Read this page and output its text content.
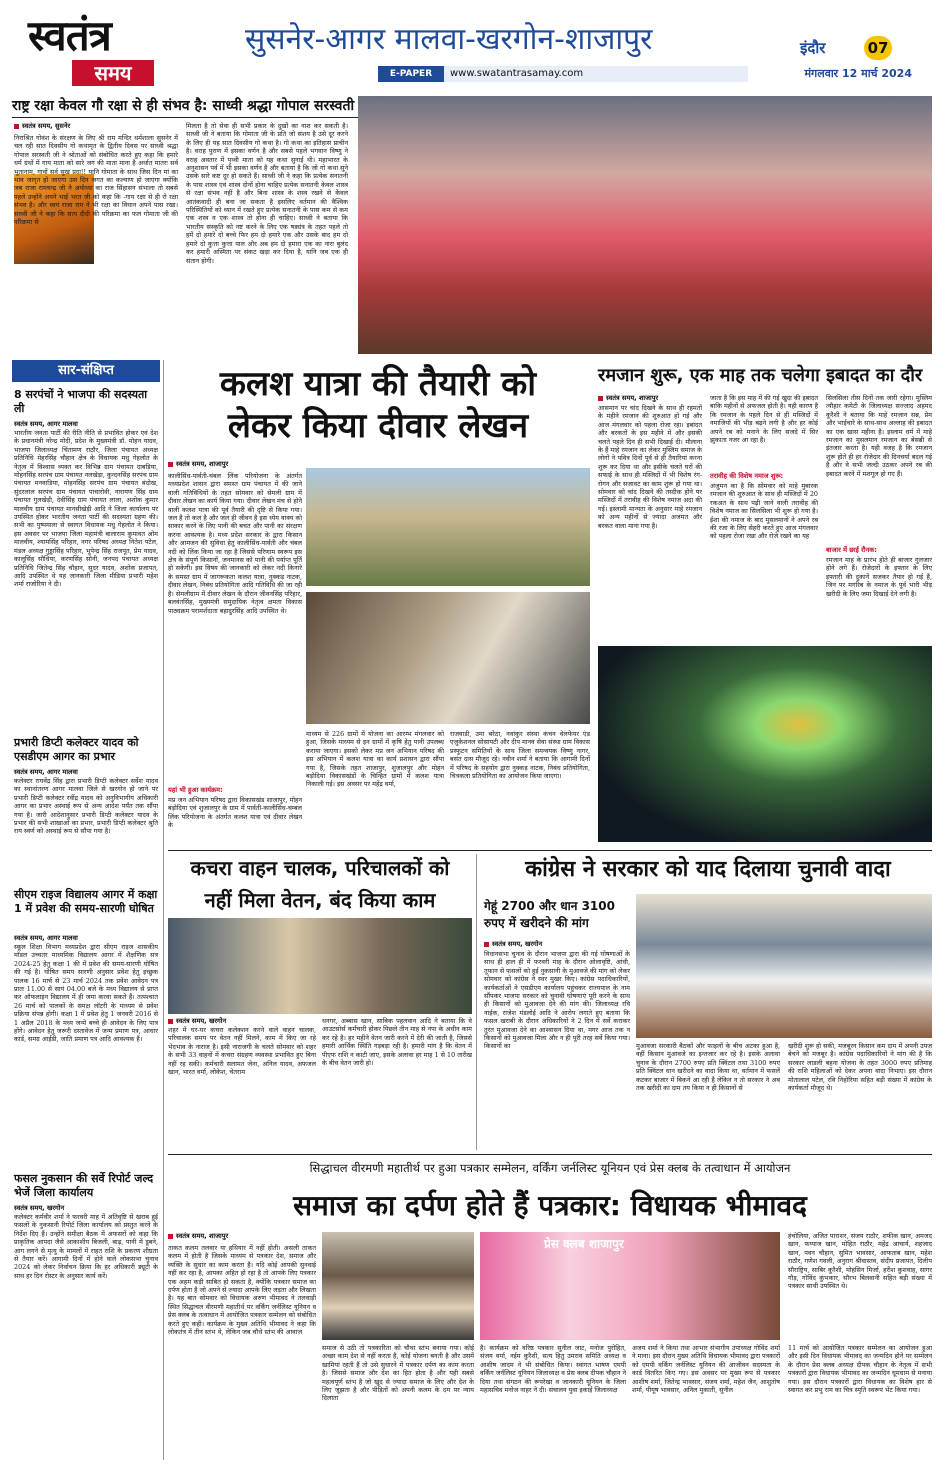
स्वतंत्र
समय
सुसनेर-आगर मालवा-खरगोन-शाजापुर
E-PAPER	www.swatantrasamay.com
इंदौर	07
मंगलवार 12 मार्च 2024
राष्ट्र रक्षा केवल गौ रक्षा से ही संभव है: साध्वी श्रद्धा गोपाल सरस्वती
स्वतंत्र समय, सुसनेर
निराश्रित गोवंश के संरक्षण के लिए श्री राम मन्दिर धर्मशाला सुसनेर में चल रही सात दिवसीय गो कथामृत के द्वितीय दिवस पर साध्वी श्रद्धा गोपाल सरस्वती जी ने श्रोताओं को संबोधित करते हुए कहा कि हमारे धर्म ग्रंथों में गाय माता को सारे जग की माता माना है अर्थात मातरः सर्व भूतानाम, गावों सर्व सुख प्रदा!! यानि गोमाता के साथ जिस दिन मां का भाव जागृत हो जाएगा उस दिन जगत का कल्याण हो जाएगा क्योंकि जब राजा रामचन्द्र जी ने अयोध्या का राज सिंहासन संभाला तो सबसे पहले उन्होंने अपने भाई भरत जी को कहा कि -गाय रक्षा से ही रो रक्षा संभव है। और स्वयं राजा राम ने भी रक्षा का विधान अपने पास रखा। साध्वी जी ने कहा कि सत्य दीदी की परिक्रमा का फल गोमाता जी की परिक्रमा से
मिलता है तो सेवा ही सभी प्रकार के दुखों का नाश कर सकती है। साध्वी जी ने बताया कि गोमाता जी के प्रति जो संशय है उसे दूर करने के लिए ही यह सात दिवसीय गो कथा है। गो कथा का इतिहास प्राचीन है। वराह पुराण में इसका वर्णन है और सबसे पहले भगवान विष्णु ने वराह अवतार में पृथ्वी माता को यह कथा सुनाई थी। महाभारत के अनुशासन पर्व में भी इसका वर्णन है और बताया है कि जो गो कथा सुने उसके सारे कष्ट दूर हो सकते हैं। साध्वी जी ने कहा कि प्रत्येक सनातनी के पास शास्त्र एवं शास्त्र दोनों होना चाहिए प्रत्येक सनातनी केवल शास्त्र से रक्षा संभव नहीं है और बिना शास्त्र के शस्त्र रखने से केवल आतंकवादी ही बना जा सकता है इसलिए वर्तमान की वैश्विक परिस्थितियों को ध्यान में रखते हुए प्रत्येक सनातनी के पास कम से कम एक शस्त्र व एक शास्त्र तो होना ही चाहिए। साध्वी ने बताया कि भारतीय संस्कृति को नष्ट करने के लिए एक षड्यंत्र के तहत पहले तो हमें दो हमारे दो बच्चे फिर हम दो हमारे एक और उसके बाद हम दो हमारे दो कुत्ता कुत्ता पाल ओर अब हम दो हमारा एक का नारा बुलंद कर हमारी अस्मिता पर संकट खड़ा कर दिया है, यानि जब एक ही संतान होगी।
सार-संक्षिप्त
8 सरपंचों ने भाजपा की सदस्यता ली
स्वतंत्र समय, आगर मालवा
भारतीय जनता पार्टी की रीति नीति से प्रभावित होकर एवं देश के प्रधानमंत्री नरेन्द्र मोदी, प्रदेश के मुख्यमंत्री डॉ. मोहन यादव, भाजपा जिलाध्यक्ष चिंतामण राठौर, जिला पंचायत अध्यक्ष प्रतिनिधि मेहरसिंह चौहान क्षेत्र के विधायक मधु गेहलोत के नेतृत्व में विश्वास व्यक्त कर विभिन्न ग्राम पंचायत दाबड़िया, मोहनसिंह सरपंच ग्राम पंचायत नलखेड़ा, कुन्दनसिंह सरपंच ग्राम पंचायत मनवाडिया, मोहनसिंह सरपंच ग्राम पंचायत बंदोख, सुंदरलाल सरपंच ग्राम पंचायत पाचारोवी, नारायण सिंह ग्राम पंचायत गुलखेड़ी, देवीसिंह ग्राम पंचायत लाला, अशोक कुमार मालवीय ग्राम पंचायत मानसीखेड़ी आदि ने जिला कार्यालय पर उपस्थित होकर भारतीय जनता पार्टी की सदस्यता ग्रहण की। सभी का पुष्पमाला से स्वागत विधायक मधु गेहलोत ने किया। इस अवसर पर भाजपा जिला महामंत्री बालाराम कुमावत ओम मालवीय, श्यामसिंह परिहार, नगर परिषद अध्यक्ष नितेश पटेल, मंडल अध्यक्ष गुड्डासिंह परिहार, भूपेन्द्र सिंह राजपूत, प्रेम यादव, कालूसिंह सौधिया, करणसिंह सोनी, जनपद पंचायत अध्यक्ष प्रतिनिधि जितेन्द्र सिंह चौहान, सुदर यादव, अशोक प्रजापत, आदि उपस्थित थे यह जानकारी जिला मीडिया प्रभारी महेश शर्मा राजोरिया ने दी।
प्रभारी डिप्टी कलेक्टर यादव को एसडीएम आगर का प्रभार
स्वतंत्र समय, आगर मालवा
कलेक्टर राघवेंद्र सिंह द्वारा प्रभारी डिप्टी कलेक्टर सर्वेश यादव का स्थानांतरण आगर मालवा जिले से खरगोन हो जाने पर प्रभारी डिप्टी कलेक्टर रवींद्र यादव को अनुविभागीय अधिकारी आगर का प्रभार अस्थाई रूप से अन्य आदेश पर्यंत तक सौंपा गया है। जारी आदेशानुसार प्रभारी डिप्टी कलेक्टर यादव के प्रभार की सभी शाखाओं का प्रभार, प्रभारी डिप्टी कलेक्टर श्रुति राय स्वर्ण को अस्थाई रूप से सौंपा गया है।
सीएम राइज विद्यालय आगर में कक्षा 1 में प्रवेश की समय-सारणी घोषित
स्वतंत्र समय, आगर मालवा
स्कूल शिक्षा विभाग मध्यप्रदेश द्वारा सीएम राइज शासकीय मॉडल उच्चतर माध्यमिक विद्यालय आगर में शैक्षणिक सत्र 2024-25 हेतु कक्षा 1 की में प्रवेश की समय-सारणी घोषित की गई है। घोषित समय सारणी अनुसार प्रवेश हेतु इच्छुक पालक 16 मार्च से 23 मार्च 2024 तक प्रवेश आवेदन पत्र प्रातः 11.00 से सायं 04.00 बजे के मध्य विद्यालय से प्राप्त कर ऑफलाइन विद्यालय में ही जमा करवा सकते हैं। तत्पश्चात 26 मार्च को पालकों के समक्ष लॉटरी के माध्यम से प्रवेश प्रक्रिया संपन्न होगी। कक्षा 1 में प्रवेश हेतु 1 जनवरी 2016 से 1 अप्रैल 2018 के मध्य जन्मे बच्चे ही आवेदन के लिए पात्र होंगे। आवेदन हेतु जरूरी दस्तावेज में जन्म प्रमाण पत्र, आधार कार्ड, समग्र आईडी, जाति प्रमाण पत्र आदि आवश्यक हैं।
फसल नुकसान की सर्वे रिपोर्ट जल्द भेजें जिला कार्यालय
स्वतंत्र समय, खरगोन
कलेक्टर कर्मवीर शर्मा ने फरवरी माह में अतिवृष्टि से खराब हुई फसलों के नुकसानी रिपोर्ट जिला कार्यालय को प्रस्तुत करने के निर्देश दिए हैं। उन्होंने समीक्षा बैठक में अफसरों को कहा कि प्राकृतिक आपदा जैसे आकाशीय बिजली, बाढ़, पानी में डूबने, आग लगने से मृत्यु के मामलों में राहत राशि के प्रकरण शीघ्रता से तैयार करें। आगामी दिनों में होने वाले लोकसभा चुनाव 2024 को लेकर निर्वाचन क्रिया कि हर अधिकारी ड्यूटी के साथ हर दिन रोस्टर के अनुसार कार्य करें।
कलश यात्रा की तैयारी को
लेकर किया दीवार लेखन
स्वतंत्र समय, शाजापुर
कालीसिंध-पार्वती-चंबल लिंक परियोजना के अंतर्गत मध्यप्रदेश शासन द्वारा समस्त ग्राम पंचायत में की जाने वाली गतिविधियों के तहत सोमवार को सेमली ग्राम में दीवार लेखन का कार्य किया गया। दीवार लेखन मंच से होने वाली कलश यात्रा की पूर्व तैयारी की दृष्टि से किया गया। जल है तो कल है और जल ही जीवन है इस ध्येय वाक्य को साकार करने के लिए पानी की बचत और पानी का संरक्षण करना आवश्यक है। मध्य प्रदेश सरकार के द्वारा किसान और आमजन की सुविधा हेतु कालीसिंध-पार्वती और चंबल नदी को लिंक किया जा रहा है जिससे परिणाम स्वरूप इस क्षेत्र के संपूर्ण किसानों, जनमानस को पानी की पर्याप्त पूर्ति हो सकेगी। इस विषय की जानकारी को लेकर नदी किनारे के समस्त ग्राम में जागरूकता कलश यात्रा, नुक्कड़ नाटक, दीवार लेखन, निबंध प्रतियोगिता आदि गतिविधि की जा रही है। सेमलीग्राम में दीवार लेखन के दौरान जीवनसिंह परिहार, बलवंतसिंह, मुख्यमंत्री समुदायिक नेतृत्व क्षमता विकास पाठ्यक्रम परामर्शदाता बहादुरसिंह आदि उपस्थित थे।
यहां भी हुआ कार्यक्रम:
मप्र जन अभियान परिषद द्वारा विकासखंड शाजापुर, मोहन बड़ोदिया एवं शुजालपुर के ग्राम में पार्वती-कालीसिंध-चम्बल लिंक परियोजना के अंतर्गत कलश यात्रा एवं दीवार लेखन के
माध्यम से 226 ग्रामों में योजना का आरम्भ मंगलवार को हुआ, जिसके माध्यम से इन ग्रामों में कृषि हेतु पानी उपलब्ध कराया जाएगा। इसको लेकर मप्र जन अभियान परिषद की इस अभियान में कलश यात्रा का कार्य प्रशासन द्वारा सौंपा गया है, जिसके तहत शाजापुर, शुजालपुर और मोहन बड़ोदिया विकासखंडों के चिन्हित ग्रामों में कलश यात्रा निकाली गई। इस अवसर पर महेंद्र वर्मा,
राजवाडी, उमा बरेठा, नवांकुर संस्था कंचन वेलफेयर एंड एजुकेशनल सोसायटी और दीप मानव सेवा संस्था ग्राम विकास प्रस्फुटन समितियों के साथ जिला समन्वयक विष्णु नागर, बसंत दास मौजूद रहे। नवीन शर्मा ने बताया कि आगामी दिनों में परिषद के सहयोग द्वारा नुक्कड़ नाटक, निबंध प्रतियोगिता, चित्रकला प्रतियोगिता का आयोजन किया जाएगा।
रमजान शुरू, एक माह तक चलेगा इबादत का दौर
स्वतंत्र समय, शाजापुर
आसमान पर चांद दिखने के साथ ही रहमतों के महीने रमजान की शुरुआत हो गई और आज मंगलवार को पहला रोजा रहा। इबादत और बरकतों के इस महीने में और इसकी चलते पहले दिन ही सभी दिखाई दी। मौलाना के हैं माहे रमजान का लेकर मुस्लिम समाज के लोगों ने पवित्र दिनों पूर्व से ही तैयारियां करना शुरू कर दिया था और इसीके चलते घरों की सफाई के साथ ही मस्जिदों में भी विशेष रंग-रोगन और सजावट का काम शुरू हो गया था। सोमवार को चांद दिखने की तस्दीक होने पर मस्जिदों में तरावीह की विशेष नमाज अदा की गई। इस्लामी मान्यता के अनुसार माहे रमजान को अन्य महीनों से ज्यादा अजमत और बरकत वाला माना गया है।
जाता है कि इस माह में की गई खुदा की इबादत बाकि महीनों से अफजल होती है। यही कारण है कि रमजान के पहले दिन से ही मस्जिदों में नमाजियों की भीड़ बढ़ने लगी है और हर कोई अपने रब को मनाने के लिए सजदे में सिर झुकाता नजर आ रहा है।
तरावीह की विशेष नमाज शुरू:
अंजुमन का है कि सोमवार को माहे मुबारक रमजान की शुरुआत के साथ ही मस्जिदों में 20 रकअत के साथ पढ़ी जाने वाली तरावीह की विशेष नमाज का सिलसिला भी शुरू हो गया है। ईशा की नमाज के बाद मुसलमानों ने अपने रब की रजा के लिए सेहरी करते हुए आज मंगलवार को पहला रोजा रखा और रोजे रखने का यह
सिलसिला तीस दिनों तक जारी रहेगा। मुस्लिम त्यौहार कमेटी के जिलाध्यक्ष सज्जाद अहमद कुरैशी ने बताया कि माहे रमजान सब्र, प्रेम और भाईचारे के साथ-साथ अल्लाह की इबादत का एक खास महीना है। इस्लाम धर्म में माहे रमजान का मुसलमान रमजान का बेसब्री से इंतजार करता है। यही वजह है कि रमजान शुरू होते ही हर रोजेदार की दिनचर्या बदल गई है और वे सभी जल्दी उठकर अपने रब की इबादत करने में मशगूल हो गए हैं।
बाजार में छाई रौनक:
रमजान माह के प्रारंभ होते ही बाजार गुलजार होने लगे हैं। रोजेदारों के इफ्तार के लिए इफ्तारी की दुकानें सजकर तैयार हो गई हैं, जिन पर मगरिब के नमाज के पूर्व भारी भीड़ खरीदी के लिए जमा दिखाई देने लगी है।
कचरा वाहन चालक, परिचालकों को
नहीं मिला वेतन, बंद किया काम
स्वतंत्र समय, खरगोन
शहर में घर-घर कचरा कलेक्शन करने वाले वाहन चालक, परिचालक समय पर वेतन नहीं मिलने, काम में किए जा रहे भेदभाव के नाराज है। इसी नाराजगी के चलते सोमवार को शहर के सभी 33 वाहनों में कचरा संग्रहण व्यवस्था प्रभावित हुए बिना नहीं रह सकी। कर्मचारी सलामत जेना, अनिल यादव, अफजल खान, भारत वर्मा, लोकेश, चेतराम
धनगर, अब्बास खान, साबिक पहलवान आदि ने बताया कि वे आउटसोर्स कर्मचारी होकर पिछले तीन माह से नपा के अधीन काम कर रहे है। हर महीने वेतन जारी करने में देरी की जाती है, जिससे हमारी आर्थिक स्थिति गड़बड़ा रही है। हमारी मांग है कि वेतन में पीएफ राशि न काटी जाए, इसके अलावा हर माह 1 से 10 तारीख के बीच वेतन जारी हो।
कांग्रेस ने सरकार को याद दिलाया चुनावी वादा
गेहूं 2700 और धान 3100 रुपए में खरीदने की मांग
स्वतंत्र समय, खरगोन
विधानसभा चुनाव के दौरान भाजपा द्वारा की गई घोषणाओं के साथ ही हाल ही में फरवरी माह के दौरान ओलावृष्टि, आंधी, तूफान से फसलों को हुई नुकसानी के मुआवजे की मांग को लेकर सोमवार को कांग्रेस ने स्थर मुखर किए। कांग्रेस पदाधिकारियों, कार्यकर्ताओं ने एसडीएम कार्यालय पहुंचकर राज्यपाल के नाम सौंपकर भाजपा सरकार को चुनावी घोषणाएं पूरी करने के साथ ही किसानों को मुआवजा देने की मांग की। जिलाध्यक्ष रवि नाईक, राजेश मंडलोई आदि ने आरोप लगाते हुए बताया कि फसल खराबी के दौरान अधिकारियों ने 2 दिन में सर्वे कराकर तुरंत मुआवजा देने का आश्वासन दिया था, मगर आज तक न किसानों को मुआवजा मिला और न ही पूरी तरह सर्वे किया गया। किसानों का	मुआवजा सरकारी बैठकों और फाइलों के बीच अटका हुआ है, वहीं किसान मुआवजे का इन्तजार कर रहे है। इसके अलावा चुनाव के दौरान 2700 रुपए प्रति क्विंटल तथा 3100 रुपए प्रति क्विंटल धान खरीदने का वादा किया था, वर्तमान में फसलें कटकर बाजार में बिकने आ रही है लेकिन न तो सरकार ने अब तक खरीदी का दाम तय किया न ही किसानों से
खरीदी शुरू हो सकी, मजबूरन किसान कम दाम में अपनी उपज बेचने को मजबूर है। कांग्रेस पदाधिकारियों ने मांग की है कि सरकार लाडली बहना योजना के तहत 3000 रुपए प्रतिमाह की राशि महिलाओं को देकर अपना वादा निभाए। इस दौरान मोतालाल पटेल, रवि निहोरिया सहित बड़ी संख्या में कांग्रेस के कार्यकर्ता मौजूद थे।
सिद्धाचल वीरमणी महातीर्थ पर हुआ पत्रकार सम्मेलन, वर्किंग जर्नलिस्ट यूनियन एवं प्रेस क्लब के तत्वाधान में आयोजन
समाज का दर्पण होते हैं पत्रकार: विधायक भीमावद
स्वतंत्र समय, शाजापुर
ताकत कलम तलवार या हथियार में नहीं होती। असली ताकत कलम में होती है जिसके माध्यम से पत्रकार देश, समाज और व्यक्ति के सुधार का काम करता है। यदि कोई आपकी सुनवाई नहीं कर रहा है, आपका अहित हो रहा है तो आपके लिए पत्रकार एक अहम कड़ी साबित हो सकता है, क्योंकि पत्रकार समाज का दर्पण होता है जो अपने से ज्यादा आपके लिए लड़ता और लिखता है। यह बात सोमवार को विधायक अरुण भीमावद ने तलवाड़ी स्थित सिद्धाचल वीरमणी महातीर्थ पर वर्किंग जर्नलिस्ट यूनियन व प्रेस क्लब के तत्वाधान में आयोजित पत्रकार सम्मेलन को संबोधित करते हुए कही। कार्यक्रम के मुख्य अतिथि भीमावद ने कहा कि लोकतंत्र में तीन स्तंभ थे, लेकिन जब चौथे स्तंभ की आवाज
प्रेस क्लब शाजापुर
समाज से उठी तो पत्रकारिता को चौथा स्तंभ बनाया गया। कोई अच्छा काम देश से नहीं करता है, कोई योजना बनती है और उसमें खामियां रहती हैं तो उसे सुधारने में पत्रकार दर्पण का काम करता है। जिससे समाज और देश का हित होता है और यही सबसे महत्वपूर्ण स्तंभ है जो खुद से ज्यादा समाज के लिए और देश के लिए जूझता है और पीड़ितों को अपनी कलम के दम पर न्याय दिलाता
है। कार्यक्रम को वरिष्ठ पत्रकार सुनील जाट, मनोज पुरोहित, संजय वर्मा, नईम कुरैशी, सत्य हितु उमराव समिति अध्यक्ष व आशीष जादम ने भी संबोधित किया। स्वागत भाषण एमपी वर्किंग जर्नलिस्ट यूनियन जिलाध्यक्ष व प्रेस क्लब दीपक चौहान ने दिया तथा संगठन की रूपरेखा व जानकारी यूनियन के जिला महासचिव मनोज नाहर ने दी। संचालन युवा इकाई जिलाध्यक्ष
अजय शर्मा ने किया तथा आभार संभागीय उपाध्यक्ष गोविंद शर्मा ने माना। इस दौरान मुख्य अतिथि विधायक भीमावद द्वारा पत्रकारों को एमपी वर्किंग जर्नलिस्ट यूनियन की आजीवन सदस्यता के कार्ड वितरित किए गए। इस अवसर पर मुख्य रूप से पत्रकार आशीष शर्मा, जितेन्द्र भावसार, संजय शर्मा, महेश जैन, आशुतोष शर्मा, पीयूष भावसार, अनिल मुकाती, सुनील
हंचोलिया, अजित पाराशर, संजय राठौर, शफीक खान, अमजद खान, फय्याज खान, मोहित राठौर, महेंद्र आचार्य, शहजाद खान, पवन चौहान, सुमित भावसार, आफताब खान, महेश राठौर, गणेश गवली, अनुराग श्रीवास्तव, संदीप प्रजापत, दिलीप सौराष्ट्रिय, साबिर कुरैशी, मोहसिन मिर्जा, हरीश कुशवाह, सागर गौड़, गोविंद कुंभकार, सौरभ बिलवानी सहित बड़ी संख्या में पत्रकार साथी उपस्थित थे।
11 मार्च को आयोजित पत्रकार सम्मेलन का आयोजन हुआ और इसी दिन विधायक भीमावद का जन्मदिन होने पर सम्मेलन के दौरान प्रेस क्लब अध्यक्ष दीपक चौहान के नेतृत्व में सभी पत्रकारों द्वारा विधायक भीमावद का जन्मदिन धूमधाम से मनाया गया। इस दौरान पत्रकारों द्वारा विधायक का विशेष हार से स्वागत कर प्रभु राम का चित्र स्मृति स्वरूप भेंट किया गया।
